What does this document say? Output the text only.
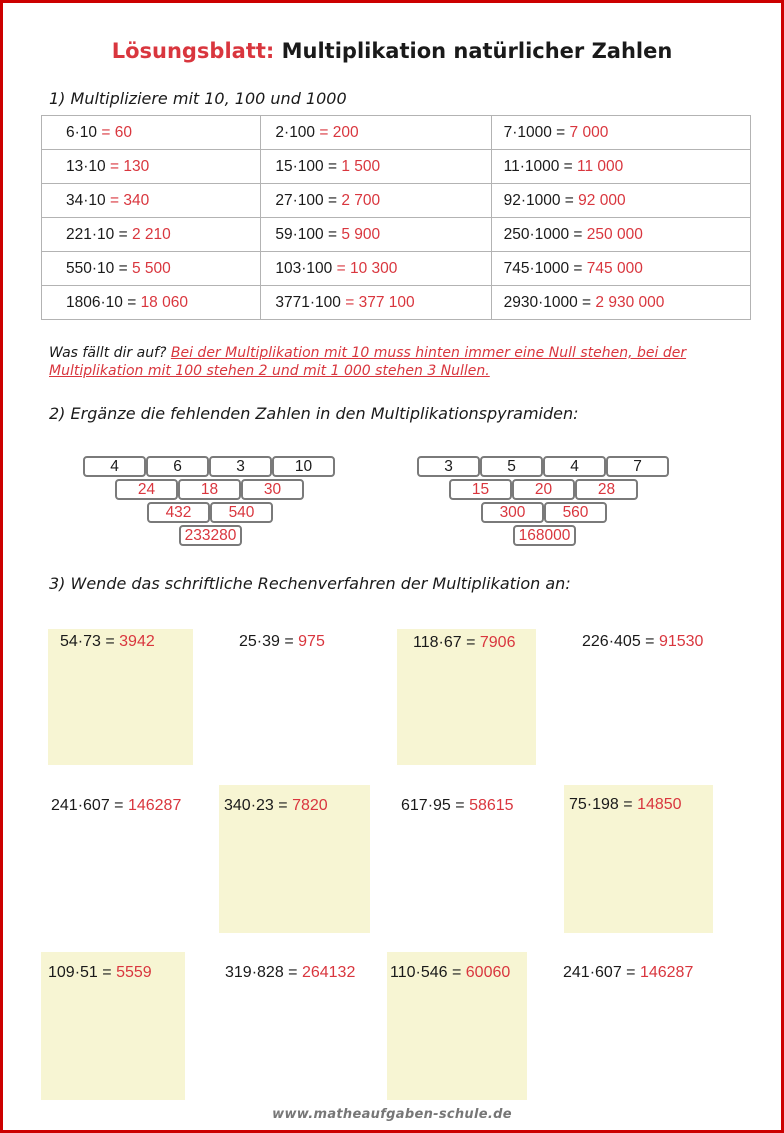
Lösungsblatt: Multiplikation natürlicher Zahlen
1) Multipliziere mit 10, 100 und 1000
6·10 = 60	2·100 = 200	7·1000 = 7 000
13·10 = 130	15·100 = 1 500	11·1000 = 11 000
34·10 = 340	27·100 = 2 700	92·1000 = 92 000
221·10 = 2 210	59·100 = 5 900	250·1000 = 250 000
550·10 = 5 500	103·100 = 10 300	745·1000 = 745 000
1806·10 = 18 060	3771·100 = 377 100	2930·1000 = 2 930 000
Was fällt dir auf? Bei der Multiplikation mit 10 muss hinten immer eine Null stehen, bei der Multiplikation mit 100 stehen 2 und mit 1 000 stehen 3 Nullen.
2) Ergänze die fehlenden Zahlen in den Multiplikationspyramiden:
4	6	3	10
24	18	30
432	540
233280
3	5	4	7
15	20	28
300	560
168000
3) Wende das schriftliche Rechenverfahren der Multiplikation an:
54·73 = 3942	25·39 = 975	118·67 = 7906	226·405 = 91530
241·607 = 146287	340·23 = 7820	617·95 = 58615	75·198 = 14850
109·51 = 5559	319·828 = 264132 110·546 = 60060	241·607 = 146287
www.matheaufgaben-schule.de
